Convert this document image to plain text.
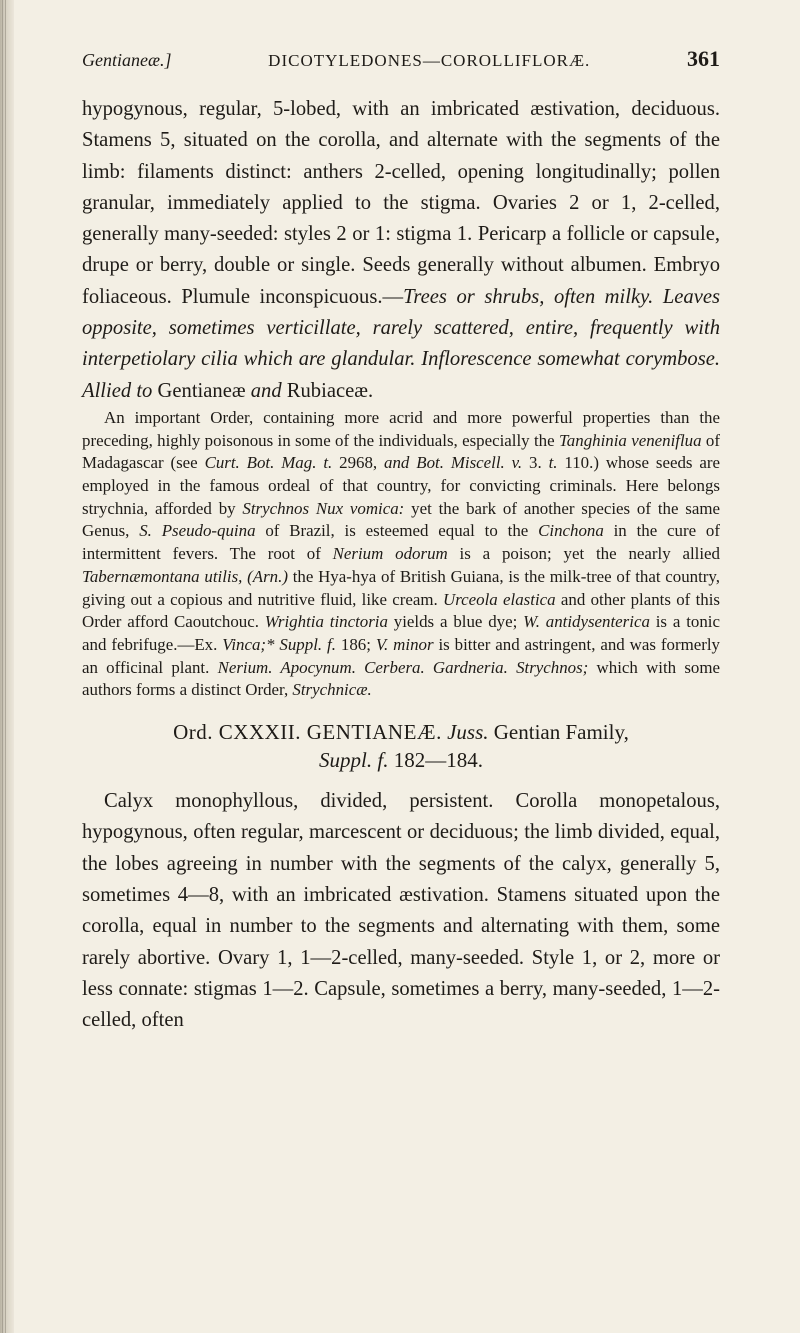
Gentianeæ.]	DICOTYLEDONES—COROLLIFLORÆ.	361

hypogynous, regular, 5-lobed, with an imbricated æstivation, deciduous. Stamens 5, situated on the corolla, and alternate with the segments of the limb: filaments distinct: anthers 2-celled, opening longitudinally; pollen granular, immediately applied to the stigma. Ovaries 2 or 1, 2-celled, generally many-seeded: styles 2 or 1: stigma 1. Pericarp a follicle or capsule, drupe or berry, double or single. Seeds generally without albumen. Embryo foliaceous. Plumule inconspicuous.—Trees or shrubs, often milky. Leaves opposite, sometimes verticillate, rarely scattered, entire, frequently with interpetiolary cilia which are glandular. Inflorescence somewhat corymbose. Allied to Gentianeæ and Rubiaceæ.

An important Order, containing more acrid and more powerful properties than the preceding, highly poisonous in some of the individuals, especially the Tanghinia venenifluа of Madagascar (see Curt. Bot. Mag. t. 2968, and Bot. Miscell. v. 3. t. 110.) whose seeds are employed in the famous ordeal of that country, for convicting criminals. Here belongs strychnia, afforded by Strychnos Nux vomica: yet the bark of another species of the same Genus, S. Pseudo-quina of Brazil, is esteemed equal to the Cinchona in the cure of intermittent fevers. The root of Nerium odorum is a poison; yet the nearly allied Tabernæmontana utilis, (Arn.) the Hya-hya of British Guiana, is the milk-tree of that country, giving out a copious and nutritive fluid, like cream. Urceola elastica and other plants of this Order afford Caoutchouc. Wrightia tinctoria yields a blue dye; W. antidysenterica is a tonic and febrifuge.—Ex. Vinca;* Suppl. f. 186; V. minor is bitter and astringent, and was formerly an officinal plant. Nerium. Apocynum. Cerbera. Gardneria. Strychnos; which with some authors forms a distinct Order, Strychnicæ.

Ord. CXXXII. GENTIANEÆ. Juss. Gentian Family,
Suppl. f. 182—184.

Calyx monophyllous, divided, persistent. Corolla monopetalous, hypogynous, often regular, marcescent or deciduous; the limb divided, equal, the lobes agreeing in number with the segments of the calyx, generally 5, sometimes 4—8, with an imbricated æstivation. Stamens situated upon the corolla, equal in number to the segments and alternating with them, some rarely abortive. Ovary 1, 1—2-celled, many-seeded. Style 1, or 2, more or less connate: stigmas 1—2. Capsule, sometimes a berry, many-seeded, 1—2-celled, often
